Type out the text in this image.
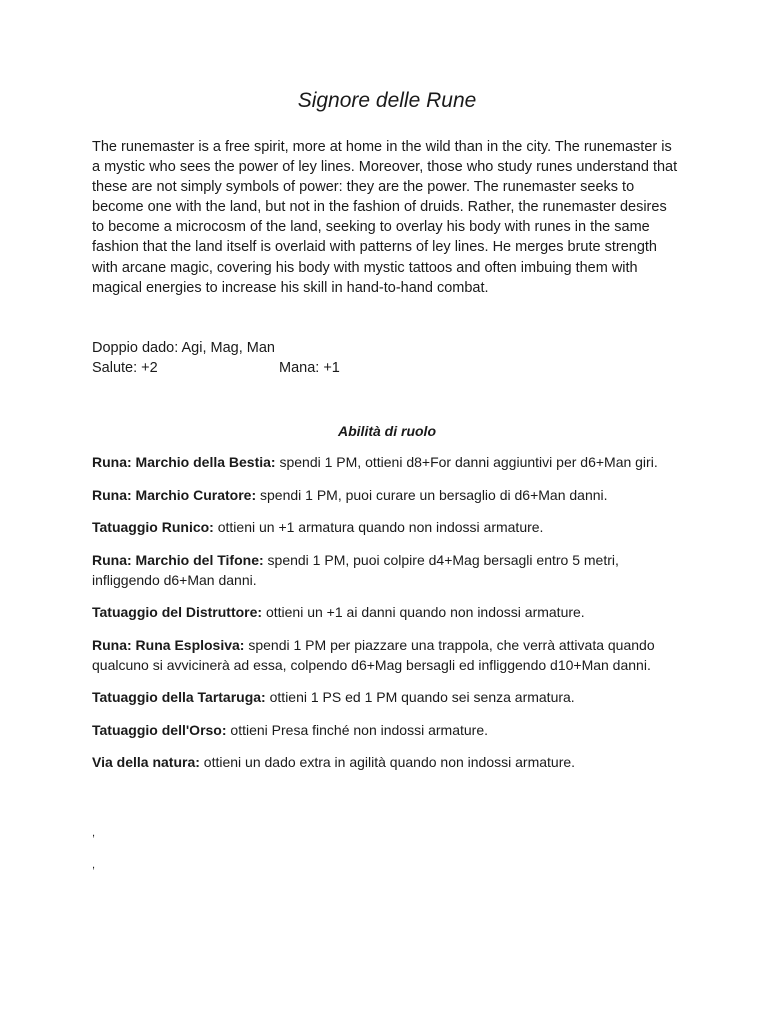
Signore delle Rune

The runemaster is a free spirit, more at home in the wild than in the city. The runemaster is a mystic who sees the power of ley lines. Moreover, those who study runes understand that these are not simply symbols of power: they are the power. The runemaster seeks to become one with the land, but not in the fashion of druids. Rather, the runemaster desires to become a microcosm of the land, seeking to overlay his body with runes in the same fashion that the land itself is overlaid with patterns of ley lines. He merges brute strength with arcane magic, covering his body with mystic tattoos and often imbuing them with magical energies to increase his skill in hand-to-hand combat.

Doppio dado: Agi, Mag, Man
Salute: +2	Mana: +1
Abilità di ruolo

Runa: Marchio della Bestia: spendi 1 PM, ottieni d8+For danni aggiuntivi per d6+Man giri.

Runa: Marchio Curatore: spendi 1 PM, puoi curare un bersaglio di d6+Man danni.

Tatuaggio Runico: ottieni un +1 armatura quando non indossi armature.

Runa: Marchio del Tifone: spendi 1 PM, puoi colpire d4+Mag bersagli entro 5 metri, infliggendo d6+Man danni.

Tatuaggio del Distruttore: ottieni un +1 ai danni quando non indossi armature.

Runa: Runa Esplosiva: spendi 1 PM per piazzare una trappola, che verrà attivata quando qualcuno si avvicinerà ad essa, colpendo d6+Mag bersagli ed infliggendo d10+Man danni.

Tatuaggio della Tartaruga: ottieni 1 PS ed 1 PM quando sei senza armatura.

Tatuaggio dell'Orso: ottieni Presa finché non indossi armature.

Via della natura: ottieni un dado extra in agilità quando non indossi armature.

,
,
